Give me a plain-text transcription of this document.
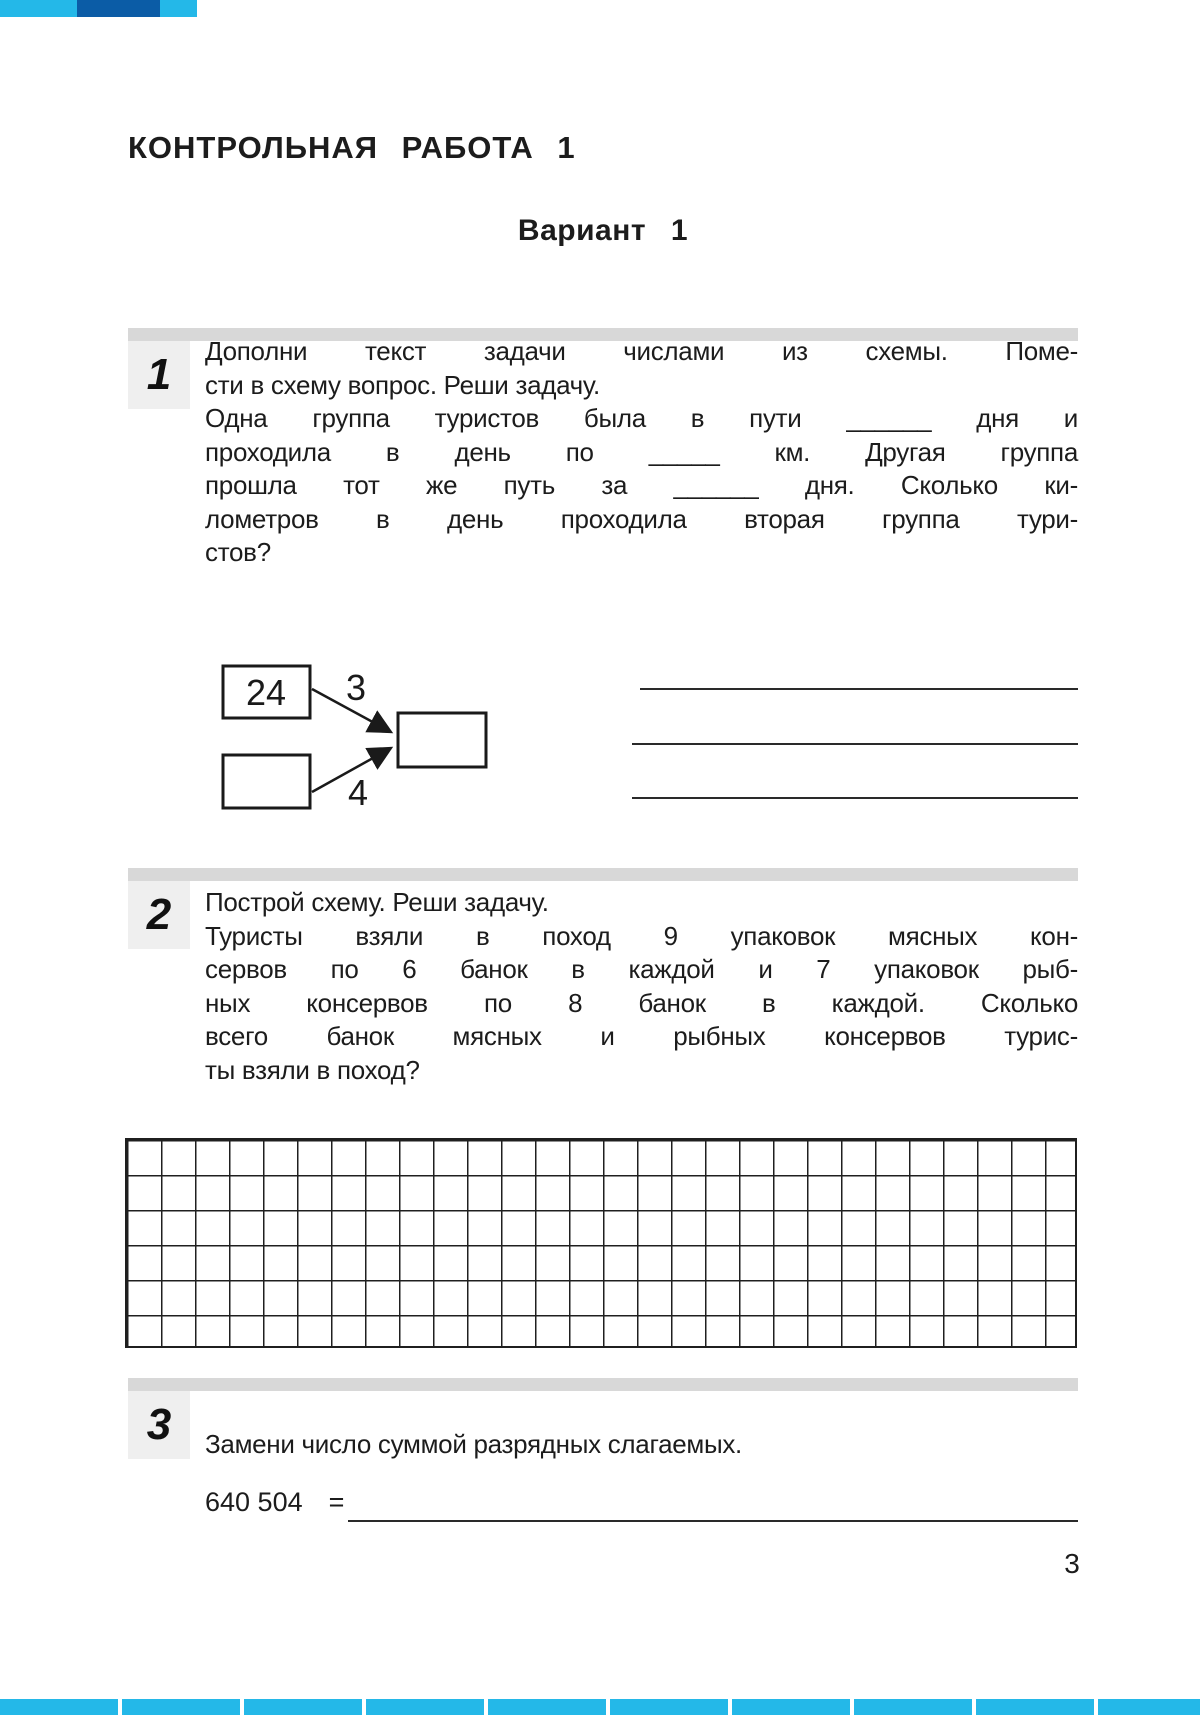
КОНТРОЛЬНАЯ РАБОТА 1
Вариант 1
1	Дополни текст задачи числами из схемы. Поме-
сти в схему вопрос. Реши задачу.
Одна группа туристов была в пути ______ дня и
проходила в день по _____ км. Другая группа
прошла тот же путь за ______ дня. Сколько ки-
лометров в день проходила вторая группа тури-
стов?
24 3
4
2	Построй схему. Реши задачу.
Туристы взяли в поход 9 упаковок мясных кон-
сервов по 6 банок в каждой и 7 упаковок рыб-
ных консервов по 8 банок в каждой. Сколько
всего банок мясных и рыбных консервов турис-
ты взяли в поход?
3	Замени число суммой разрядных слагаемых.
640 504 =
3
